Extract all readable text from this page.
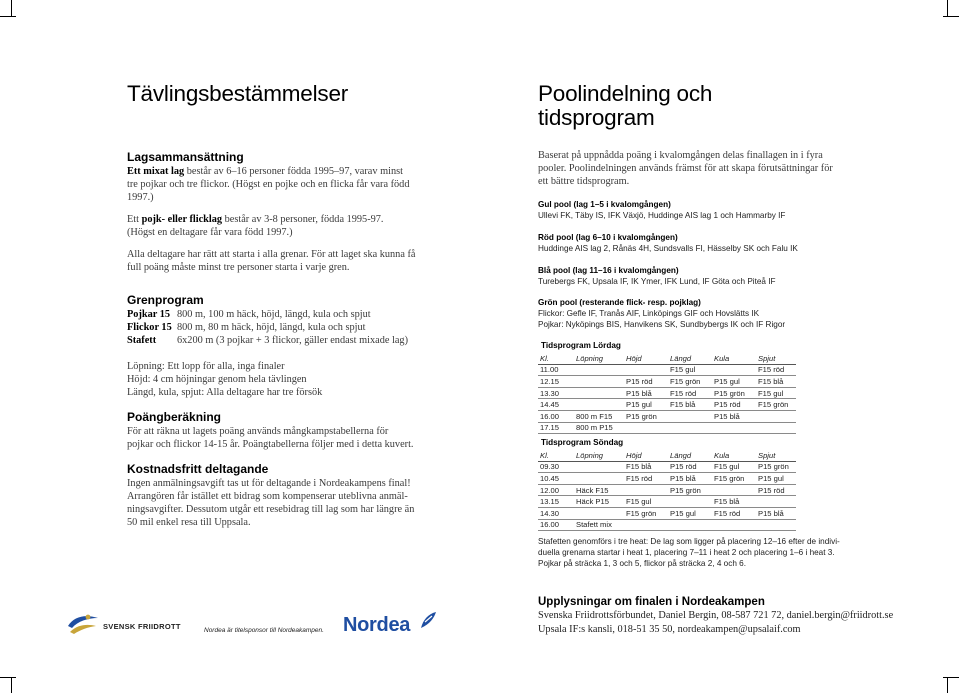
Tävlingsbestämmelser

Lagsammansättning

Ett mixat lag består av 6–16 personer födda 1995–97, varav minst
tre pojkar och tre flickor. (Högst en pojke och en flicka får vara född
1997.)

Ett pojk- eller flicklag består av 3-8 personer, födda 1995-97.
(Högst en deltagare får vara född 1997.)

Alla deltagare har rätt att starta i alla grenar. För att laget ska kunna få
full poäng måste minst tre personer starta i varje gren.

Grenprogram

Pojkar 15 800 m, 100 m häck, höjd, längd, kula och spjut
Flickor 15 800 m, 80 m häck, höjd, längd, kula och spjut
Stafett	6x200 m (3 pojkar + 3 flickor, gäller endast mixade lag)

Löpning: Ett lopp för alla, inga finaler
Höjd: 4 cm höjningar genom hela tävlingen
Längd, kula, spjut: Alla deltagare har tre försök

Poängberäkning

För att räkna ut lagets poäng används mångkampstabellerna för
pojkar och flickor 14-15 år. Poängtabellerna följer med i detta kuvert.

Kostnadsfritt deltagande

Ingen anmälningsavgift tas ut för deltagande i Nordeakampens final!
Arrangören får istället ett bidrag som kompenserar uteblivna anmäl-
ningsavgifter. Dessutom utgår ett resebidrag till lag som har längre än
50 mil enkel resa till Uppsala.

SVENSK FRIIDROTT	Nordea är titelsponsor till Nordeakampen. Nordea
Poolindelning och
tidsprogram

Baserat på uppnådda poäng i kvalomgången delas finallagen in i fyra
pooler. Poolindelningen används främst för att skapa förutsättningar för
ett bättre tidsprogram.

Gul pool (lag 1–5 i kvalomgången)

Ullevi FK, Täby IS, IFK Växjö, Huddinge AIS lag 1 och Hammarby IF

Röd pool (lag 6–10 i kvalomgången)

Huddinge AIS lag 2, Rånäs 4H, Sundsvalls FI, Hässelby SK och Falu IK

Blå pool (lag 11–16 i kvalomgången)

Turebergs FK, Upsala IF, IK Ymer, IFK Lund, IF Göta och Piteå IF

Grön pool (resterande flick- resp. pojklag)

Flickor: Gefle IF, Tranås AIF, Linköpings GIF och Hovslätts IK

Pojkar: Nyköpings BIS, Hanvikens SK, Sundbybergs IK och IF Rigor

Tidsprogram Lördag
Kl.	Löpning	Höjd	Längd	Kula	Spjut
11.00			F15 gul		F15 röd
12.15		P15 röd	F15 grön	P15 gul	F15 blå
13.30		P15 blå	F15 röd	P15 grön	F15 gul
14.45		P15 gul	F15 blå	P15 röd	F15 grön
16.00	800 m F15	P15 grön		P15 blå	
17.15	800 m P15				
Tidsprogram Söndag
Kl.	Löpning	Höjd	Längd	Kula	Spjut
09.30		F15 blå	P15 röd	F15 gul	P15 grön
10.45		F15 röd	P15 blå	F15 grön	P15 gul
12.00	Häck F15		P15 grön		P15 röd
13.15	Häck P15	F15 gul		F15 blå	
14.30		F15 grön	P15 gul	F15 röd	P15 blå
16.00	Stafett mix				

Stafetten genomförs i tre heat: De lag som ligger på placering 12–16 efter de indivi-
duella grenarna startar i heat 1, placering 7–11 i heat 2 och placering 1–6 i heat 3.
Pojkar på sträcka 1, 3 och 5, flickor på sträcka 2, 4 och 6.

Upplysningar om finalen i Nordeakampen

Svenska Friidrottsförbundet, Daniel Bergin, 08-587 721 72, daniel.bergin@friidrott.se
Upsala IF:s kansli, 018-51 35 50, nordeakampen@upsalaif.com
